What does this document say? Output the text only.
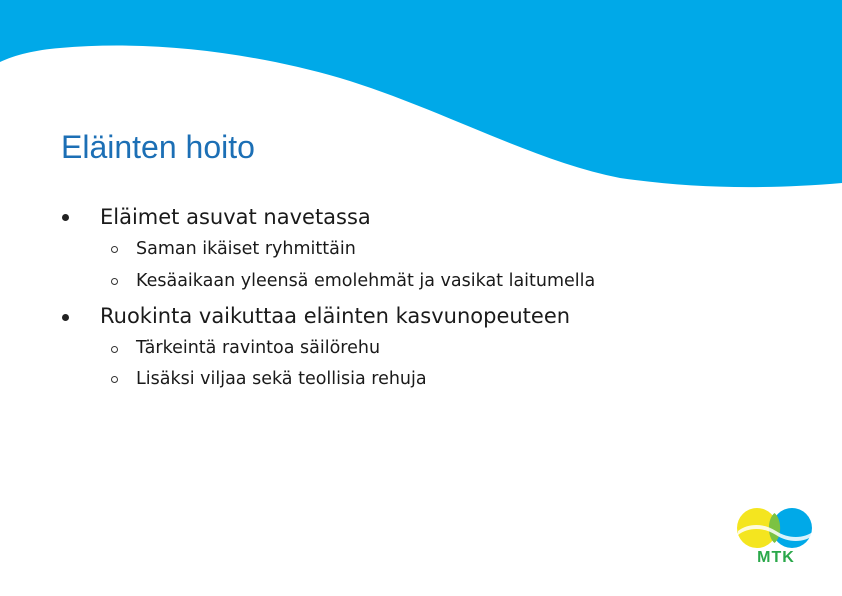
Eläinten hoito
Eläimet asuvat navetassa
Saman ikäiset ryhmittäin
Kesäaikaan yleensä emolehmät ja vasikat laitumella
Ruokinta vaikuttaa eläinten kasvunopeuteen
Tärkeintä ravintoa säilörehu
Lisäksi viljaa sekä teollisia rehuja
MTK
